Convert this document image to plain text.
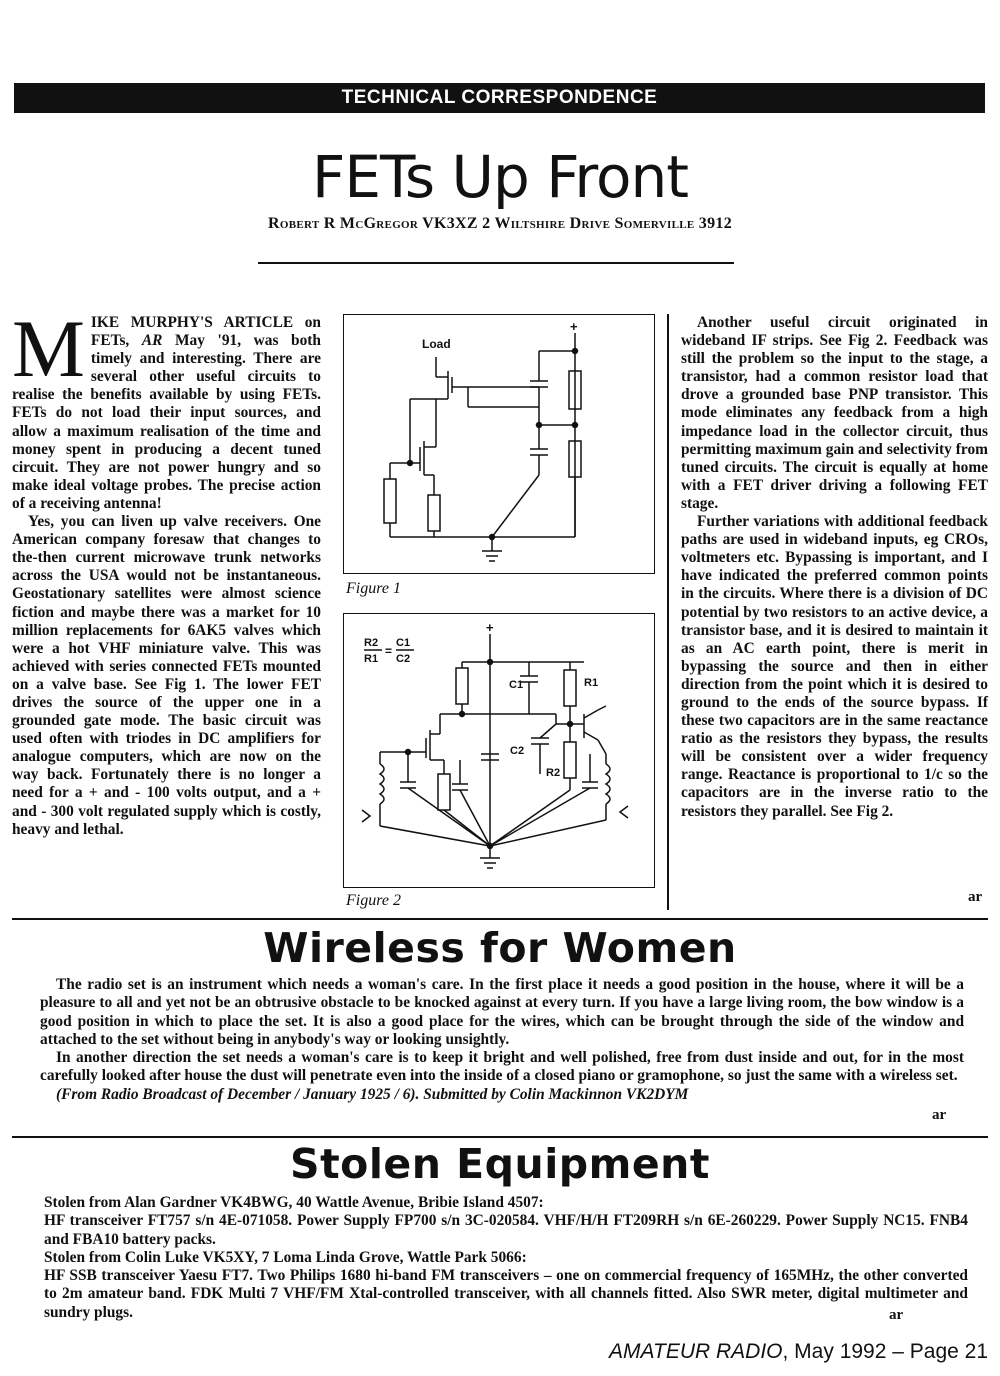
TECHNICAL CORRESPONDENCE
FETs Up Front
Robert R McGregor VK3XZ 2 Wiltshire Drive Somerville 3912

MIKE MURPHY'S ARTICLE on FETs, AR May '91, was both timely and interesting. There are several other useful circuits to realise the benefits available by using FETs. FETs do not load their input sources, and allow a maximum realisation of the time and money spent in producing a decent tuned circuit. They are not power hungry and so make ideal voltage probes. The precise action of a receiving antenna!

Yes, you can liven up valve receivers. One American company foresaw that changes to the-then current microwave trunk networks across the USA would not be instantaneous. Geostationary satellites were almost science fiction and maybe there was a market for 10 million replacements for 6AK5 valves which were a hot VHF miniature valve. This was achieved with series connected FETs mounted on a valve base. See Fig 1. The lower FET drives the source of the upper one in a grounded gate mode. The basic circuit was used often with triodes in DC amplifiers for analogue computers, which are now on the way back. Fortunately there is no longer a need for a + and - 100 volts output, and a + and - 300 volt regulated supply which is costly, heavy and lethal.

+
Load
Figure 1
R2
R1
=
C1
C2
+
C1	R1
C2
R2
Figure 2

Another useful circuit originated in wideband IF strips. See Fig 2. Feedback was still the problem so the input to the stage, a transistor, had a common resistor load that drove a grounded base PNP transistor. This mode eliminates any feedback from a high impedance load in the collector circuit, thus permitting maximum gain and selectivity from tuned circuits. The circuit is equally at home with a FET driver driving a following FET stage.

Further variations with additional feedback paths are used in wideband inputs, eg CROs, voltmeters etc. Bypassing is important, and I have indicated the preferred common points in the circuits. Where there is a division of DC potential by two resistors to an active device, a transistor base, and it is desired to maintain it as an AC earth point, there is merit in bypassing the source and then in either direction from the point which it is desired to ground to the ends of the source bypass. If these two capacitors are in the same reactance ratio as the resistors they bypass, the results will be consistent over a wider frequency range. Reactance is proportional to 1/c so the capacitors are in the inverse ratio to the resistors they parallel. See Fig 2.

ar
Wireless for Women

The radio set is an instrument which needs a woman's care. In the first place it needs a good position in the house, where it will be a pleasure to all and yet not be an obtrusive obstacle to be knocked against at every turn. If you have a large living room, the bow window is a good position in which to place the set. It is also a good place for the wires, which can be brought through the side of the window and attached to the set without being in anybody's way or looking unsightly.

In another direction the set needs a woman's care is to keep it bright and well polished, free from dust inside and out, for in the most carefully looked after house the dust will penetrate even into the inside of a closed piano or gramophone, so just the same with a wireless set.

(From Radio Broadcast of December / January 1925 / 6). Submitted by Colin Mackinnon VK2DYM

ar
Stolen Equipment

Stolen from Alan Gardner VK4BWG, 40 Wattle Avenue, Bribie Island 4507:

HF transceiver FT757 s/n 4E-071058. Power Supply FP700 s/n 3C-020584. VHF/H/H FT209RH s/n 6E-260229. Power Supply NC15. FNB4 and FBA10 battery packs.

Stolen from Colin Luke VK5XY, 7 Loma Linda Grove, Wattle Park 5066:

HF SSB transceiver Yaesu FT7. Two Philips 1680 hi-band FM transceivers – one on commercial frequency of 165MHz, the other converted to 2m amateur band. FDK Multi 7 VHF/FM Xtal-controlled transceiver, with all channels fitted. Also SWR meter, digital multimeter and sundry plugs.	ar
AMATEUR RADIO, May 1992 – Page 21
